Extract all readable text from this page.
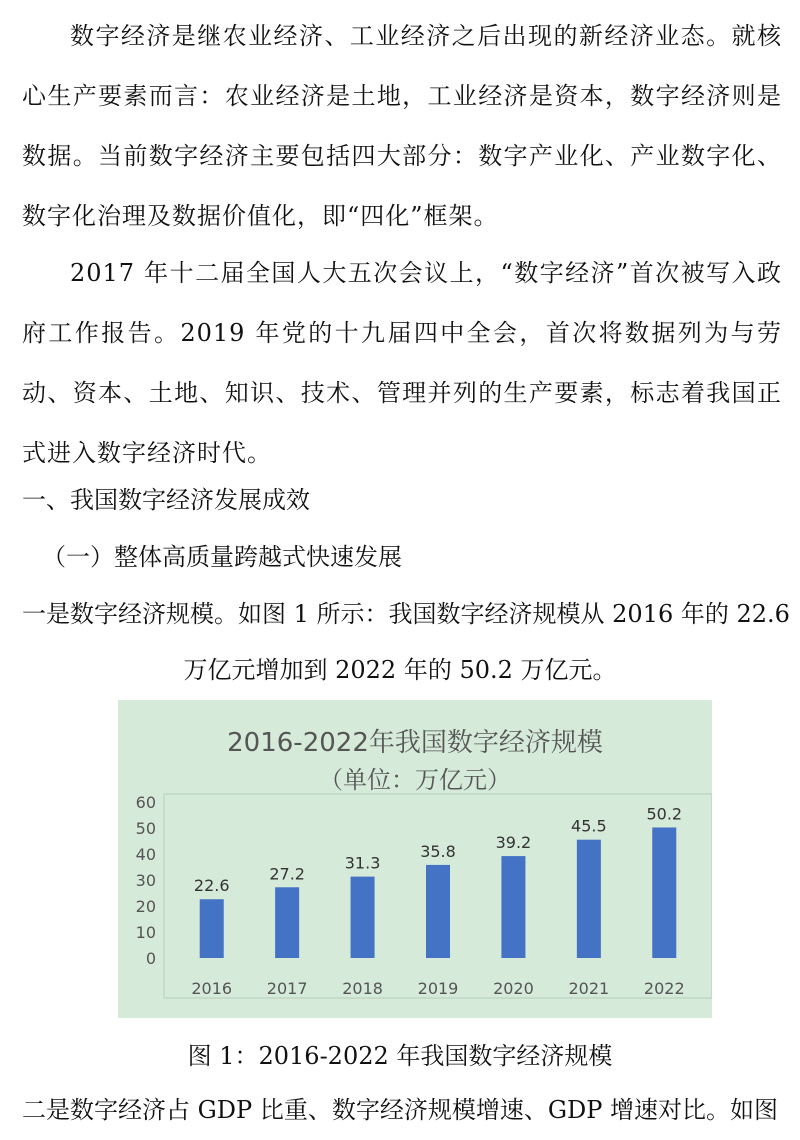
数字经济是继农业经济、工业经济之后出现的新经济业态。就核心生产要素而言：农业经济是土地，工业经济是资本，数字经济则是数据。当前数字经济主要包括四大部分：数字产业化、产业数字化、数字化治理及数据价值化，即“四化”框架。

2017 年十二届全国人大五次会议上，“数字经济”首次被写入政府工作报告。2019 年党的十九届四中全会，首次将数据列为与劳动、资本、土地、知识、技术、管理并列的生产要素，标志着我国正式进入数字经济时代。

一、我国数字经济发展成效

（一）整体高质量跨越式快速发展

一是数字经济规模。如图 1 所示：我国数字经济规模从 2016 年的 22.6

万亿元增加到 2022 年的 50.2 万亿元。

2016-2022年我国数字经济规模
（单位：万亿元）
0
10
20
30
40
50
60
22.6
2016
27.2
2017
31.3
2018
35.8
2019
39.2
2020
45.5
2021
50.2
2022

图 1：2016-2022 年我国数字经济规模

二是数字经济占 GDP 比重、数字经济规模增速、GDP 增速对比。如图
